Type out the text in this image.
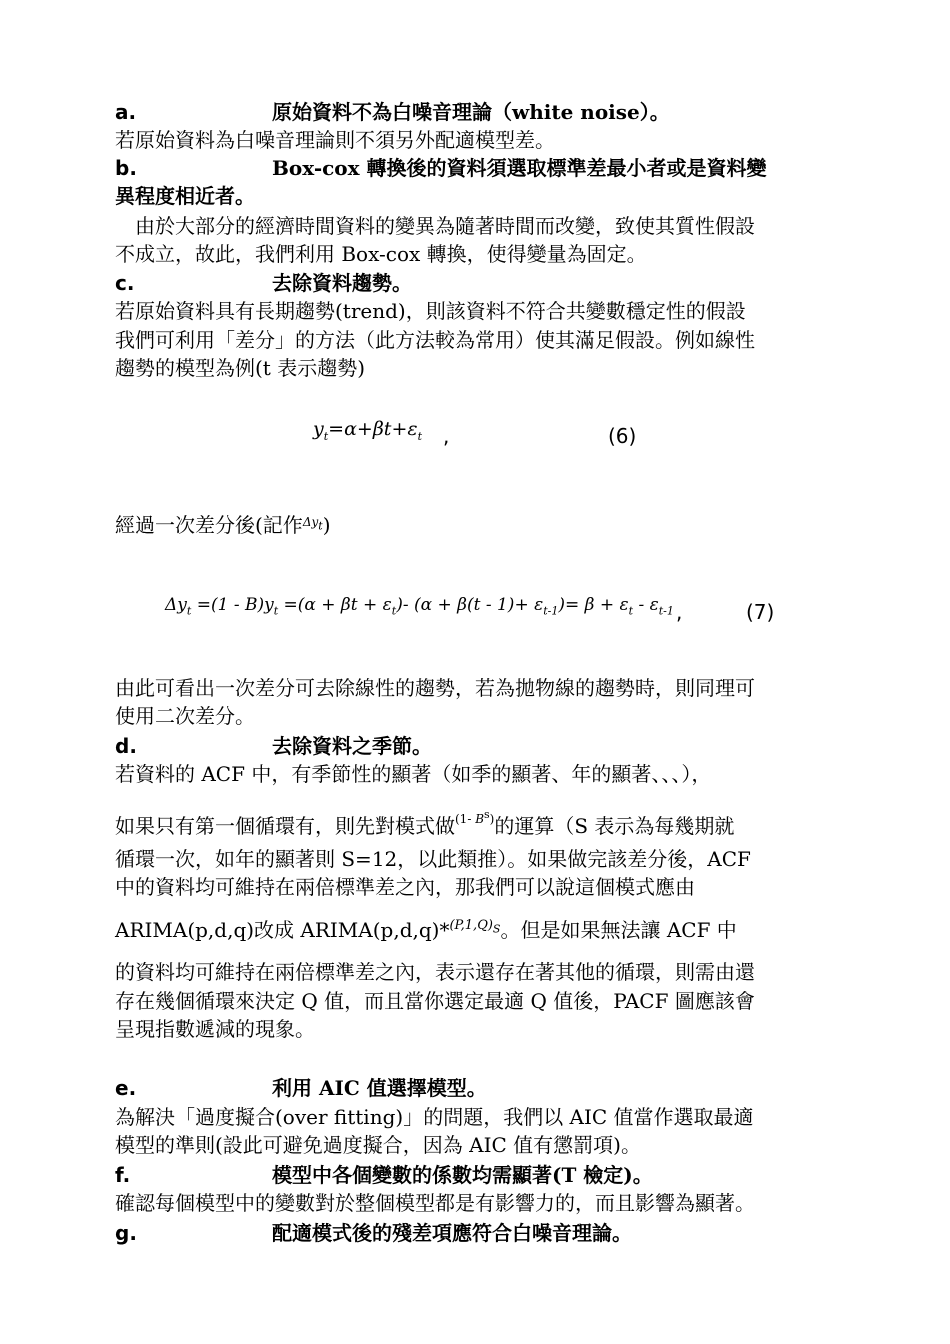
a.	原始資料不為白噪音理論（white noise）。
若原始資料為白噪音理論則不須另外配適模型差。
b.	Box-cox 轉換後的資料須選取標準差最小者或是資料變
異程度相近者。
　由於大部分的經濟時間資料的變異為隨著時間而改變，致使其質性假設
不成立，故此，我們利用 Box-cox 轉換，使得變量為固定。
c.	去除資料趨勢。
若原始資料具有長期趨勢(trend)，則該資料不符合共變數穩定性的假設
我們可利用「差分」的方法（此方法較為常用）使其滿足假設。例如線性
趨勢的模型為例(t 表示趨勢)
$y_t=\alpha+\beta t+\varepsilon_t$ ,	(6)
經過一次差分後(記作$^{\Delta y_t}$)
$\Delta y_t =(1 - B)y_t =(\alpha + \beta t + \varepsilon_t)-$ $(\alpha + \beta(t - 1)+ \varepsilon_{t-1})= \beta + \varepsilon_t - \varepsilon_{t-1}$ ,	(7)
由此可看出一次差分可去除線性的趨勢，若為拋物線的趨勢時，則同理可
使用二次差分。
d.	去除資料之季節。
若資料的 ACF 中，有季節性的顯著（如季的顯著、年的顯著、、、），
如果只有第一個循環有，則先對模式做$^{(1- B^s)}$的運算（S 表示為每幾期就
循環一次，如年的顯著則 S=12，以此類推）。如果做完該差分後，ACF
中的資料均可維持在兩倍標準差之內，那我們可以說這個模式應由
ARIMA(p,d,q)改成 ARIMA(p,d,q)*$^{(P,1,Q)_S}$。但是如果無法讓 ACF 中
的資料均可維持在兩倍標準差之內，表示還存在著其他的循環，則需由還
存在幾個循環來決定 Q 值，而且當你選定最適 Q 值後，PACF 圖應該會
呈現指數遞減的現象。
e.	利用 AIC 值選擇模型。
為解決「過度擬合(over fitting)」的問題，我們以 AIC 值當作選取最適
模型的準則(設此可避免過度擬合，因為 AIC 值有懲罰項)。
f.	模型中各個變數的係數均需顯著(T 檢定)。
確認每個模型中的變數對於整個模型都是有影響力的，而且影響為顯著。
g.	配適模式後的殘差項應符合白噪音理論。
